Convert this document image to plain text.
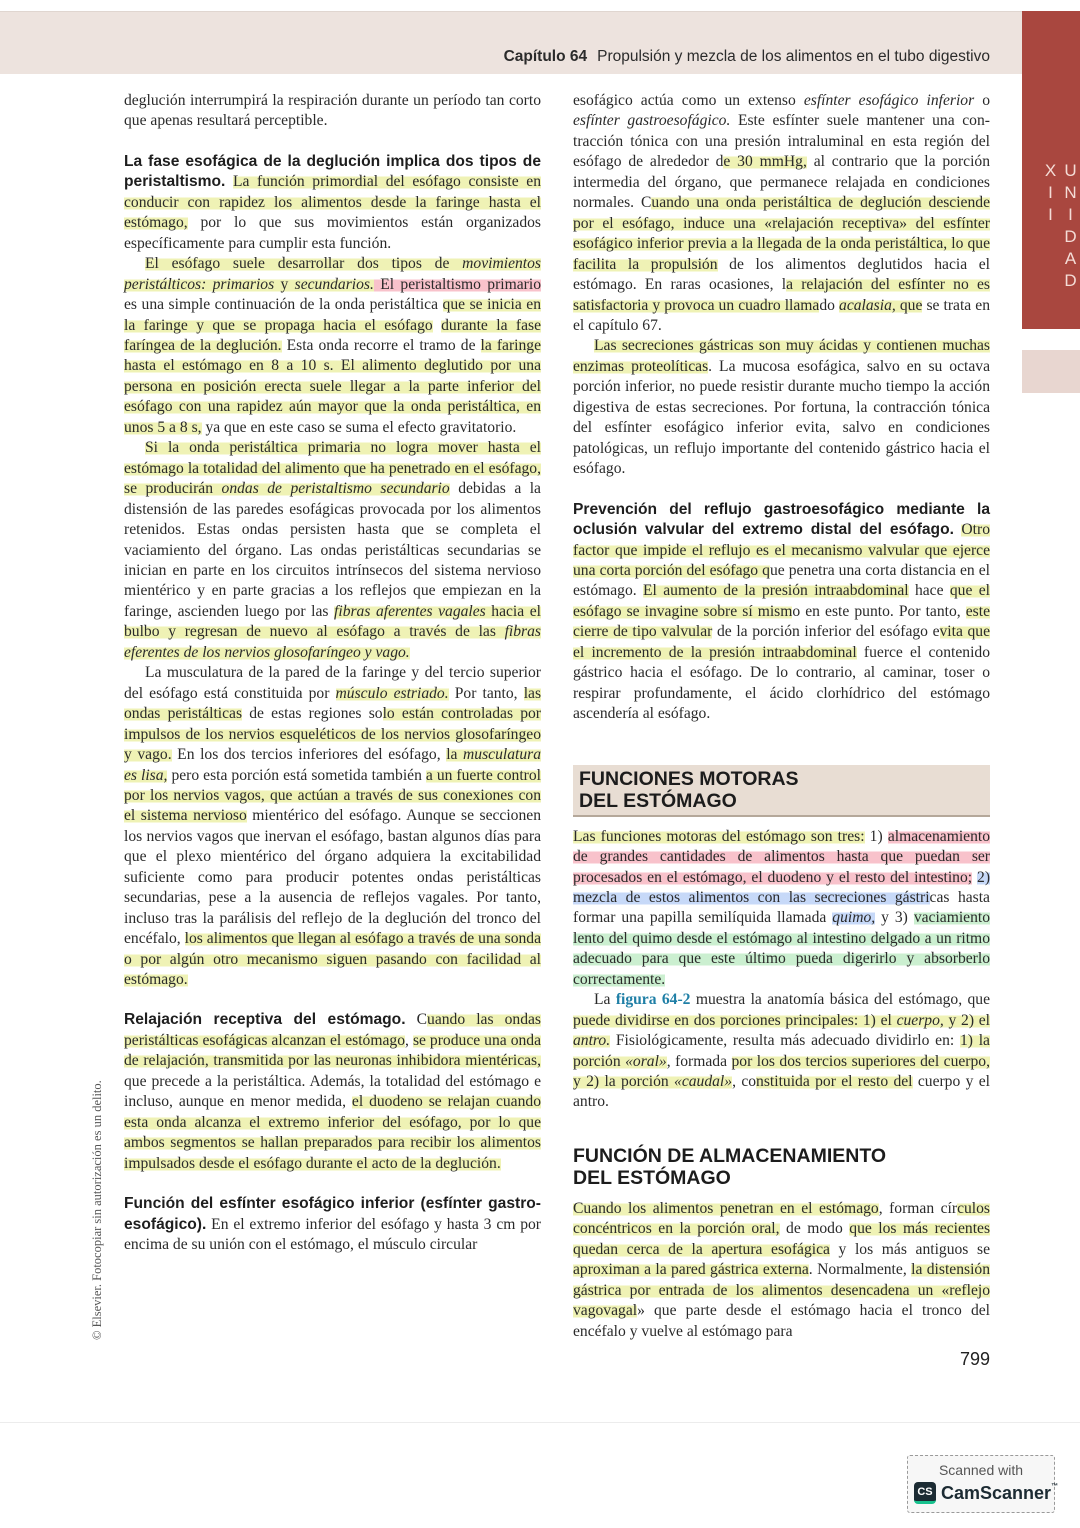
Capítulo 64 Propulsión y mezcla de los alimentos en el tubo digestivo
UNIDAD XII

deglución interrumpirá la respiración durante un período tan corto que apenas resultará perceptible.

La fase esofágica de la deglución implica dos tipos de peristaltismo. La función primordial del esófago consiste en conducir con rapidez los alimentos desde la faringe hasta el estómago, por lo que sus movimientos están organizados específicamente para cumplir esta función.

El esófago suele desarrollar dos tipos de movimientos peristálticos: primarios y secundarios. El peristaltismo primario es una simple continuación de la onda peristáltica que se inicia en la faringe y que se propaga hacia el esófago durante la fase faríngea de la deglución. Esta onda recorre el tramo de la faringe hasta el estómago en 8 a 10 s. El alimento deglutido por una persona en posición erecta suele llegar a la parte inferior del esófago con una rapidez aún mayor que la onda peristáltica, en unos 5 a 8 s, ya que en este caso se suma el efecto gravitatorio.

Si la onda peristáltica primaria no logra mover hasta el estómago la totalidad del alimento que ha penetrado en el esófago, se producirán ondas de peristaltismo secundario debidas a la distensión de las paredes esofágicas provocada por los alimentos retenidos. Estas ondas persisten hasta que se completa el vaciamiento del órgano. Las ondas peristálticas secundarias se inician en parte en los circuitos intrínsecos del sistema nervioso mientérico y en parte gracias a los reflejos que empiezan en la faringe, ascienden luego por las fibras aferentes vagales hacia el bulbo y regresan de nuevo al esófago a través de las fibras eferentes de los nervios glosofaríngeo y vago.

La musculatura de la pared de la faringe y del tercio superior del esófago está constituida por músculo estriado. Por tanto, las ondas peristálticas de estas regiones solo están controladas por impulsos de los nervios esqueléticos de los nervios glosofaríngeo y vago. En los dos tercios inferiores del esófago, la musculatura es lisa, pero esta porción está sometida también a un fuerte control por los nervios vagos, que actúan a través de sus conexiones con el sistema nervioso mientérico del esófago. Aunque se seccionen los nervios vagos que inervan el esófago, bastan algunos días para que el plexo mientérico del órgano adquiera la excitabilidad suficiente como para producir potentes ondas peristálticas secundarias, pese a la ausencia de reflejos vagales. Por tanto, incluso tras la parálisis del reflejo de la deglución del tronco del encéfalo, los alimentos que llegan al esófago a través de una sonda o por algún otro mecanismo siguen pasando con facilidad al estómago.

Relajación receptiva del estómago. Cuando las ondas peristálticas esofágicas alcanzan el estómago, se produce una onda de relajación, transmitida por las neuronas inhibidora mientéricas, que precede a la peristáltica. Además, la totalidad del estómago e incluso, aunque en menor medida, el duodeno se relajan cuando esta onda alcanza el extremo inferior del esófago, por lo que ambos segmentos se hallan preparados para recibir los alimentos impulsados desde el esófago durante el acto de la deglución.

Función del esfínter esofágico inferior (esfínter gastroesofágico). En el extremo inferior del esófago y hasta 3 cm por encima de su unión con el estómago, el músculo circular

esofágico actúa como un extenso esfínter esofágico inferior o esfínter gastroesofágico. Este esfínter suele mantener una contracción tónica con una presión intraluminal en esta región del esófago de alrededor de 30 mmHg, al contrario que la porción intermedia del órgano, que permanece relajada en condiciones normales. Cuando una onda peristáltica de deglución desciende por el esófago, induce una «relajación receptiva» del esfínter esofágico inferior previa a la llegada de la onda peristáltica, lo que facilita la propulsión de los alimentos deglutidos hacia el estómago. En raras ocasiones, la relajación del esfínter no es satisfactoria y provoca un cuadro llamado acalasia, que se trata en el capítulo 67.

Las secreciones gástricas son muy ácidas y contienen muchas enzimas proteolíticas. La mucosa esofágica, salvo en su octava porción inferior, no puede resistir durante mucho tiempo la acción digestiva de estas secreciones. Por fortuna, la contracción tónica del esfínter esofágico inferior evita, salvo en condiciones patológicas, un reflujo importante del contenido gástrico hacia el esófago.

Prevención del reflujo gastroesofágico mediante la oclusión valvular del extremo distal del esófago. Otro factor que impide el reflujo es el mecanismo valvular que ejerce una corta porción del esófago que penetra una corta distancia en el estómago. El aumento de la presión intraabdominal hace que el esófago se invagine sobre sí mismo en este punto. Por tanto, este cierre de tipo valvular de la porción inferior del esófago evita que el incremento de la presión intraabdominal fuerce el contenido gástrico hacia el esófago. De lo contrario, al caminar, toser o respirar profundamente, el ácido clorhídrico del estómago ascendería al esófago.

FUNCIONES MOTORAS
DEL ESTÓMAGO

Las funciones motoras del estómago son tres: 1) almacenamiento de grandes cantidades de alimentos hasta que puedan ser procesados en el estómago, el duodeno y el resto del intestino; 2) mezcla de estos alimentos con las secreciones gástricas hasta formar una papilla semilíquida llamada quimo, y 3) vaciamiento lento del quimo desde el estómago al intestino delgado a un ritmo adecuado para que este último pueda digerirlo y absorberlo correctamente.

La figura 64-2 muestra la anatomía básica del estómago, que puede dividirse en dos porciones principales: 1) el cuerpo, y 2) el antro. Fisiológicamente, resulta más adecuado dividirlo en: 1) la porción «oral», formada por los dos tercios superiores del cuerpo, y 2) la porción «caudal», constituida por el resto del cuerpo y el antro.

FUNCIÓN DE ALMACENAMIENTO
DEL ESTÓMAGO

Cuando los alimentos penetran en el estómago, forman círculos concéntricos en la porción oral, de modo que los más recientes quedan cerca de la apertura esofágica y los más antiguos se aproximan a la pared gástrica externa. Normalmente, la distensión gástrica por entrada de los alimentos desencadena un «reflejo vagovagal» que parte desde el estómago hacia el tronco del encéfalo y vuelve al estómago para

799
© Elsevier. Fotocopiar sin autorización es un delito.
Scanned with
CS CamScanner™
